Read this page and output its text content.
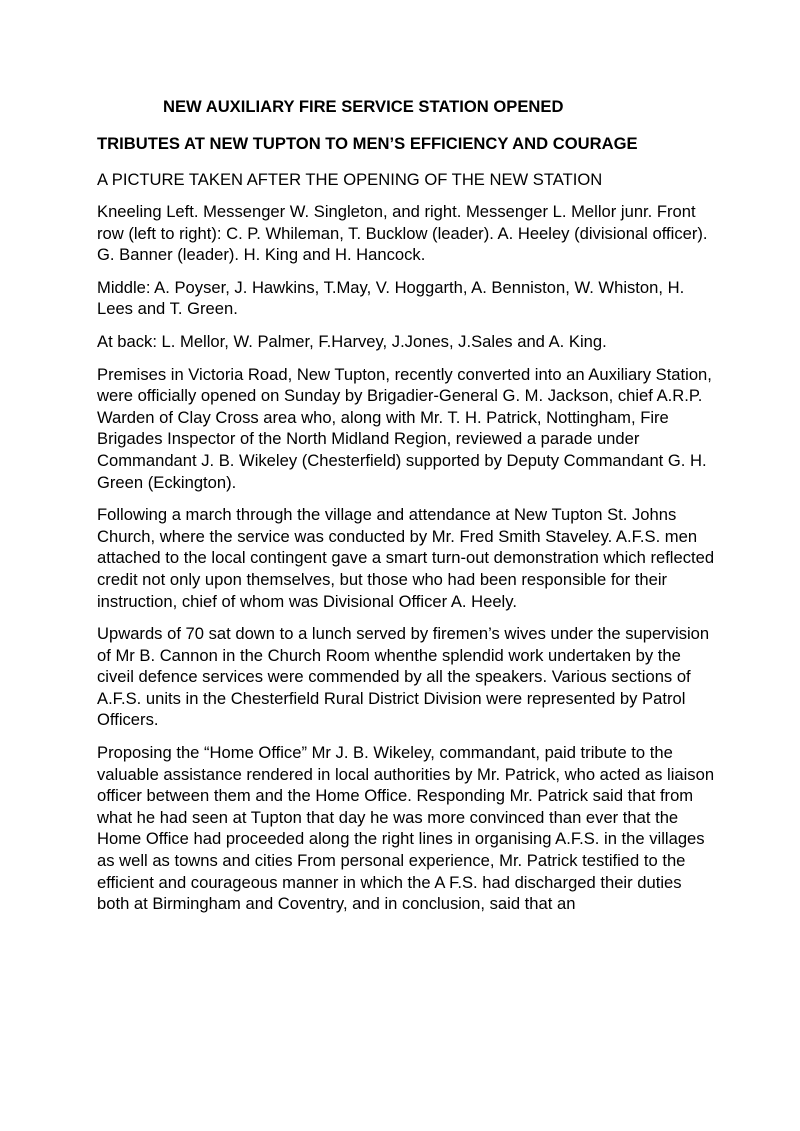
NEW AUXILIARY FIRE SERVICE STATION OPENED
TRIBUTES AT NEW TUPTON TO MEN’S EFFICIENCY AND COURAGE
A PICTURE TAKEN AFTER THE OPENING OF THE NEW STATION

Kneeling Left. Messenger W. Singleton, and right. Messenger L. Mellor junr. Front row (left to right): C. P. Whileman, T. Bucklow (leader). A. Heeley (divisional officer). G. Banner (leader). H. King and H. Hancock.

Middle: A. Poyser, J. Hawkins, T.May, V. Hoggarth, A. Benniston, W. Whiston, H. Lees and T. Green.

At back: L. Mellor, W. Palmer, F.Harvey, J.Jones, J.Sales and A. King.

Premises in Victoria Road, New Tupton, recently converted into an Auxiliary Station, were officially opened on Sunday by Brigadier-General G. M. Jackson, chief A.R.P. Warden of Clay Cross area who, along with Mr. T. H. Patrick, Nottingham, Fire Brigades Inspector of the North Midland Region, reviewed a parade under Commandant J. B. Wikeley (Chesterfield) supported by Deputy Commandant G. H. Green (Eckington).

Following a march through the village and attendance at New Tupton St. Johns Church, where the service was conducted by Mr. Fred Smith Staveley. A.F.S. men attached to the local contingent gave a smart turn-out demonstration which reflected credit not only upon themselves, but those who had been responsible for their instruction, chief of whom was Divisional Officer A. Heely.

Upwards of 70 sat down to a lunch served by firemen’s wives under the supervision of Mr B. Cannon in the Church Room whenthe splendid work undertaken by the civeil defence services were commended by all the speakers. Various sections of A.F.S. units in the Chesterfield Rural District Division were represented by Patrol Officers.

Proposing the “Home Office” Mr J. B. Wikeley, commandant, paid tribute to the valuable assistance rendered in local authorities by Mr. Patrick, who acted as liaison officer between them and the Home Office. Responding Mr. Patrick said that from what he had seen at Tupton that day he was more convinced than ever that the Home Office had proceeded along the right lines in organising A.F.S. in the villages as well as towns and cities From personal experience, Mr. Patrick testified to the efficient and courageous manner in which the A F.S. had discharged their duties both at Birmingham and Coventry, and in conclusion, said that an
